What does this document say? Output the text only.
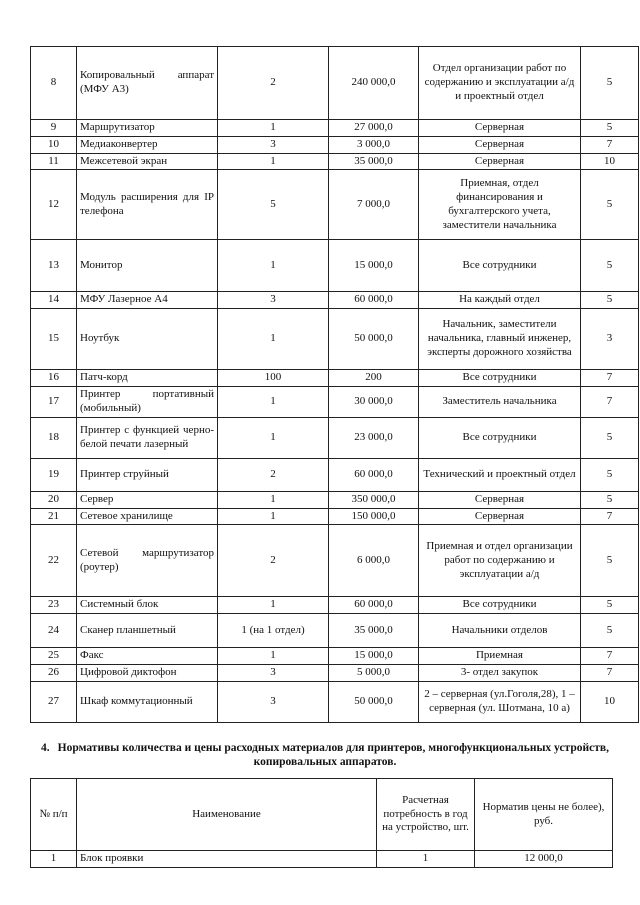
8	Копировальный аппарат (МФУ А3)	2	240 000,0	Отдел организации работ по содержанию и эксплуатации а/д и проектный отдел	5
9	Маршрутизатор	1	27 000,0	Серверная	5
10	Медиаконвертер	3	3 000,0	Серверная	7
11	Межсетевой экран	1	35 000,0	Серверная	10
12	Модуль расширения для IP телефона	5	7 000,0	Приемная, отдел финансирования и бухгалтерского учета, заместители начальника	5
13	Монитор	1	15 000,0	Все сотрудники	5
14	МФУ Лазерное А4	3	60 000,0	На каждый отдел	5
15	Ноутбук	1	50 000,0	Начальник, заместители начальника, главный инженер, эксперты дорожного хозяйства	3
16	Патч-корд	100	200	Все сотрудники	7
17	Принтер портативный (мобильный)	1	30 000,0	Заместитель начальника	7
18	Принтер с функцией черно-белой печати лазерный	1	23 000,0	Все сотрудники	5
19	Принтер струйный	2	60 000,0	Технический и проектный отдел	5
20	Сервер	1	350 000,0	Серверная	5
21	Сетевое хранилище	1	150 000,0	Серверная	7
22	Сетевой маршрутизатор (роутер)	2	6 000,0	Приемная и отдел организации работ по содержанию и эксплуатации а/д	5
23	Системный блок	1	60 000,0	Все сотрудники	5
24	Сканер планшетный	1 (на 1 отдел)	35 000,0	Начальники отделов	5
25	Факс	1	15 000,0	Приемная	7
26	Цифровой диктофон	3	5 000,0	3- отдел закупок	7
27	Шкаф коммутационный	3	50 000,0	2 – серверная (ул.Гоголя,28), 1 – серверная (ул. Шотмана, 10 а)	10
4. Нормативы количества и цены расходных материалов для принтеров, многофункциональных устройств, копировальных аппаратов.
№ п/п	Наименование	Расчетная потребность в год на устройство, шт.	Норматив цены не более), руб.
1	Блок проявки	1	12 000,0
